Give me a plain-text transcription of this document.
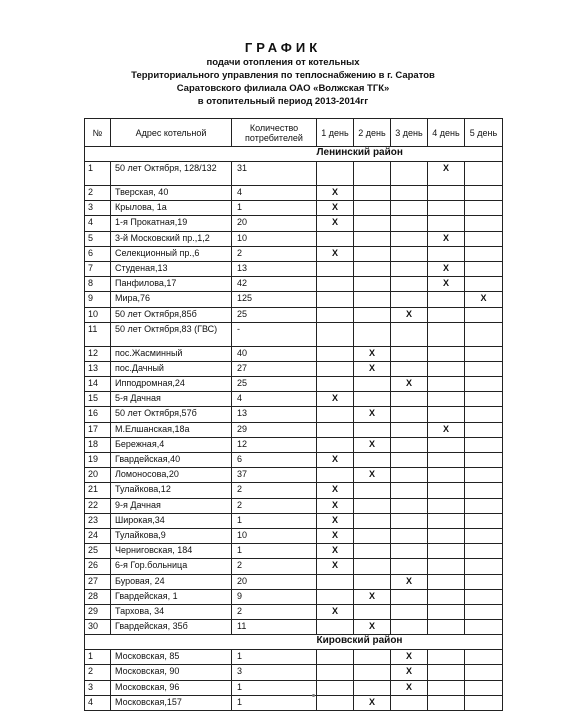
ГРАФИК
подачи отопления от котельных
Территориального управления по теплоснабжению в г. Саратов
Саратовского филиала ОАО «Волжская ТГК»
в отопительный период 2013-2014гг
№	Адрес котельной	Количество потребителей	1 день	2 день	3 день	4 день	5 день
			Ленинский район				
1	50 лет Октября, 128/132	31				Х	
2	Тверская, 40	4	Х				
3	Крылова, 1а	1	Х				
4	1-я Прокатная,19	20	Х				
5	3-й Московский пр.,1,2	10				Х	
6	Селекционный пр.,6	2	Х				
7	Студеная,13	13				Х	
8	Панфилова,17	42				Х	
9	Мира,76	125					Х
10	50 лет Октября,85б	25			Х		
11	50 лет Октября,83 (ГВС)	-					
12	пос.Жасминный	40		Х			
13	пос.Дачный	27		Х			
14	Ипподромная,24	25			Х		
15	5-я Дачная	4	Х				
16	50 лет Октября,57б	13		Х			
17	М.Елшанская,18а	29				Х	
18	Бережная,4	12		Х			
19	Гвардейская,40	6	Х				
20	Ломоносова,20	37		Х			
21	Тулайкова,12	2	Х				
22	9-я Дачная	2	Х				
23	Широкая,34	1	Х				
24	Тулайкова,9	10	Х				
25	Черниговская, 184	1	Х				
26	6-я Гор.больница	2	Х				
27	Буровая, 24	20			Х		
28	Гвардейская, 1	9		Х			
29	Тархова, 34	2	Х				
30	Гвардейская, 35б	11		Х			
			Кировский район				
1	Московская, 85	1			Х		
2	Московская, 90	3			Х		
3	Московская, 96	1			Х		
4	Московская,157	1		Х			
